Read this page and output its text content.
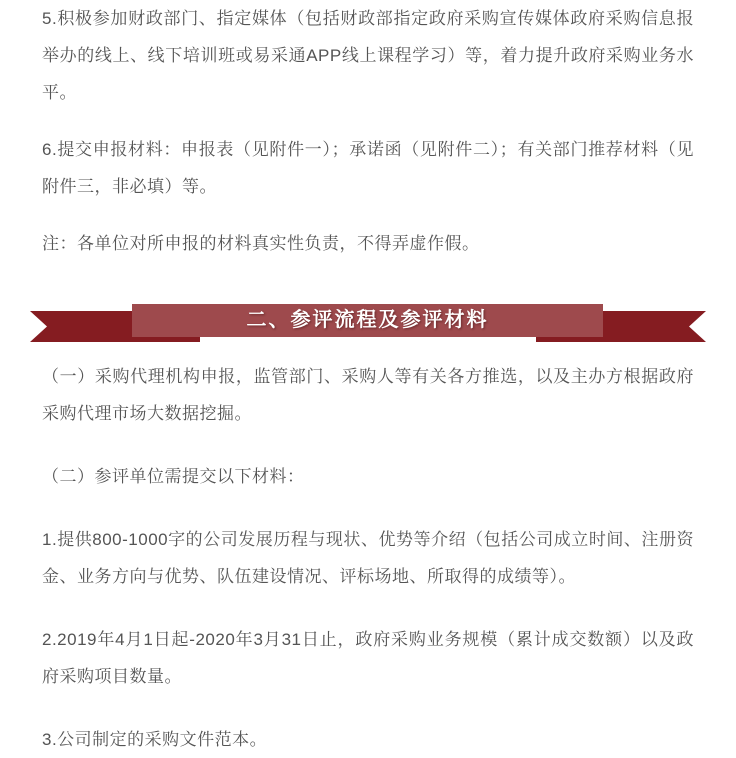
5.积极参加财政部门、指定媒体（包括财政部指定政府采购宣传媒体政府采购信息报举办的线上、线下培训班或易采通APP线上课程学习）等，着力提升政府采购业务水平。

6.提交申报材料：申报表（见附件一）；承诺函（见附件二）；有关部门推荐材料（见附件三，非必填）等。

注：各单位对所申报的材料真实性负责，不得弄虚作假。

二、参评流程及参评材料

（一）采购代理机构申报，监管部门、采购人等有关各方推选，以及主办方根据政府采购代理市场大数据挖掘。

（二）参评单位需提交以下材料：

1.提供800-1000字的公司发展历程与现状、优势等介绍（包括公司成立时间、注册资金、业务方向与优势、队伍建设情况、评标场地、所取得的成绩等）。

2.2019年4月1日起-2020年3月31日止，政府采购业务规模（累计成交数额）以及政府采购项目数量。

3.公司制定的采购文件范本。
